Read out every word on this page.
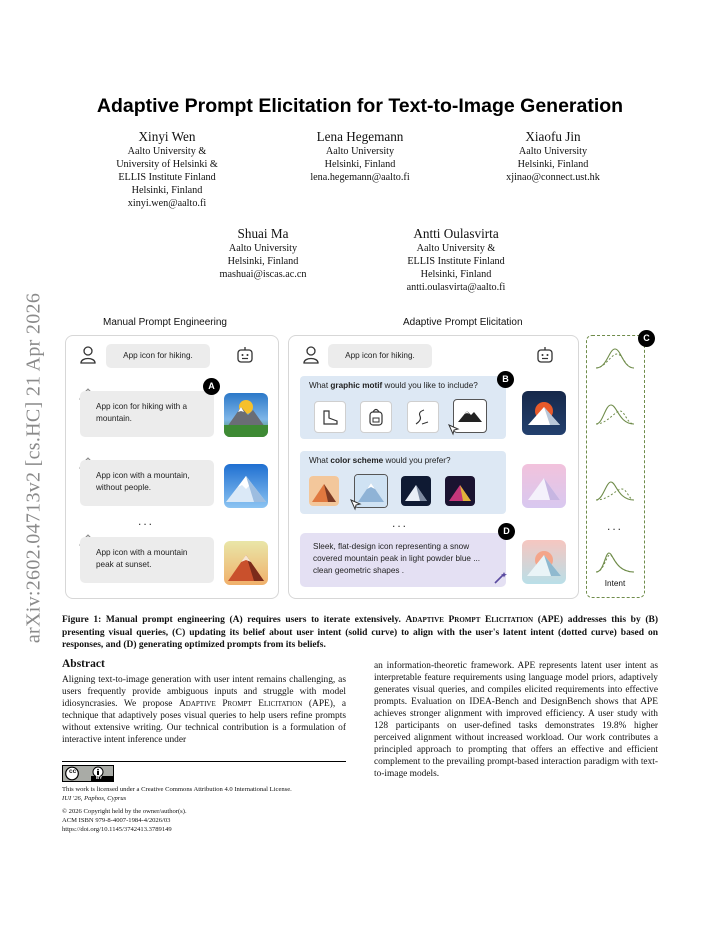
arXiv:2602.04713v2 [cs.HC] 21 Apr 2026
Adaptive Prompt Elicitation for Text-to-Image Generation
Xinyi Wen
Aalto University &
University of Helsinki &
ELLIS Institute Finland
Helsinki, Finland
xinyi.wen@aalto.fi
Lena Hegemann
Aalto University
Helsinki, Finland
lena.hegemann@aalto.fi
Xiaofu Jin
Aalto University
Helsinki, Finland
xjinao@connect.ust.hk
Shuai Ma
Aalto University
Helsinki, Finland
mashuai@iscas.ac.cn
Antti Oulasvirta
Aalto University &
ELLIS Institute Finland
Helsinki, Finland
antti.oulasvirta@aalto.fi
Manual Prompt Engineering	Adaptive Prompt Elicitation
App icon for hiking.
App icon for hiking with a mountain.
A
App icon with a mountain, without people.
...
App icon with a mountain peak at sunset.
App icon for hiking.
What graphic motif would you like to include?
B
What color scheme would you prefer?
...
Sleek, flat-design icon representing a snow covered mountain peak in light powder blue ... clean geometric shapes .
D	...
Intent
C
Figure 1: Manual prompt engineering (A) requires users to iterate extensively. Adaptive Prompt Elicitation (APE) addresses this by (B) presenting visual queries, (C) updating its belief about user intent (solid curve) to align with the user's latent intent (dotted curve) based on responses, and (D) generating optimized prompts from its beliefs.
Abstract
Aligning text-to-image generation with user intent remains challenging, as users frequently provide ambiguous inputs and struggle with model idiosyncrasies. We propose Adaptive Prompt Elicitation (APE), a technique that adaptively poses visual queries to help users refine prompts without extensive writing. Our technical contribution is a formulation of interactive intent inference under
an information-theoretic framework. APE represents latent user intent as interpretable feature requirements using language model priors, adaptively generates visual queries, and compiles elicited requirements into effective prompts. Evaluation on IDEA-Bench and DesignBench shows that APE achieves stronger alignment with improved efficiency. A user study with 128 participants on user-defined tasks demonstrates 19.8% higher perceived alignment without increased workload. Our work contributes a principled approach to prompting that offers an effective and efficient complement to the prevailing prompt-based interaction paradigm with text-to-image models.
cc
BY
This work is licensed under a Creative Commons Attribution 4.0 International License.
IUI '26, Paphos, Cyprus
© 2026 Copyright held by the owner/author(s).
ACM ISBN 979-8-4007-1984-4/2026/03
https://doi.org/10.1145/3742413.3789149
